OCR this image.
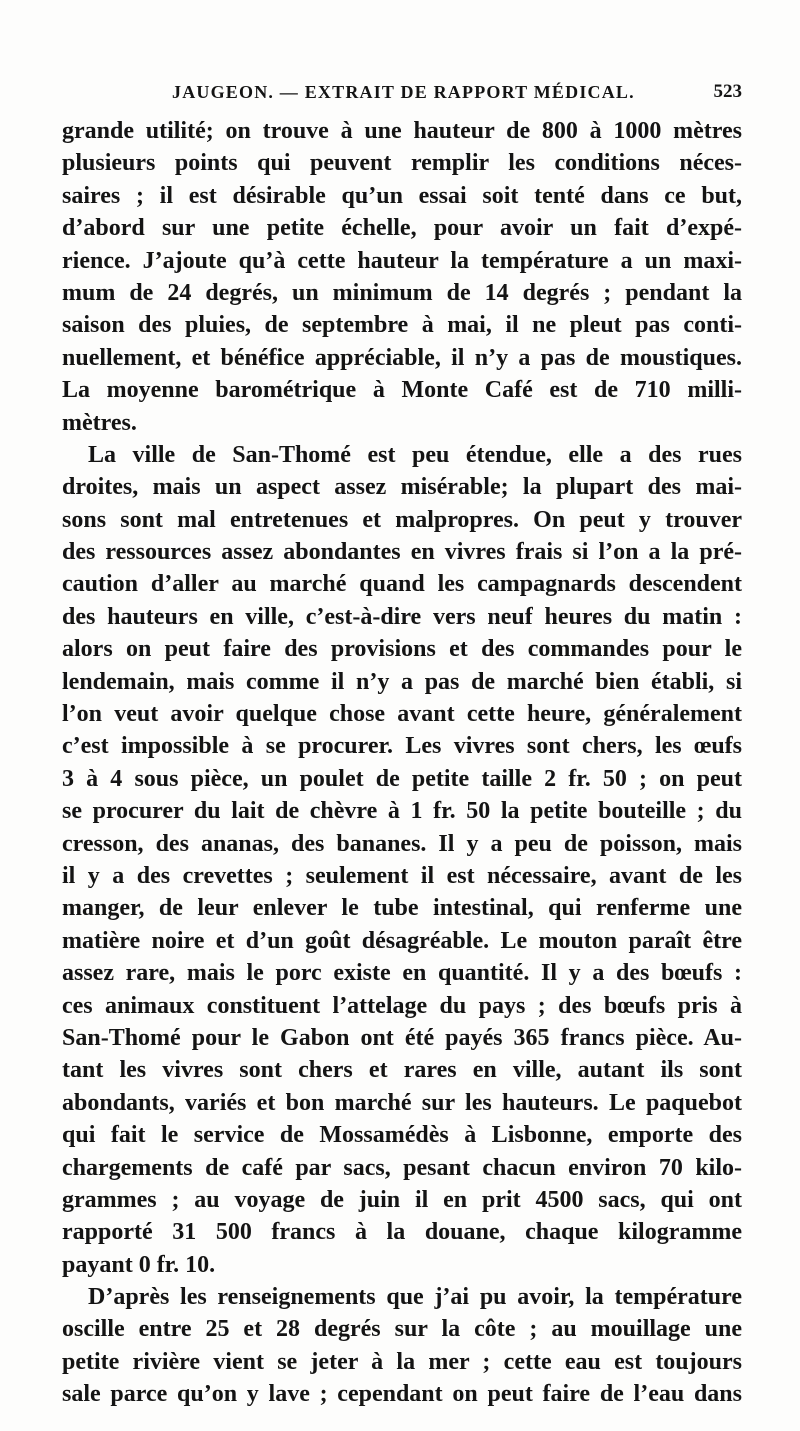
JAUGEON. — EXTRAIT DE RAPPORT MÉDICAL.	523
grande utilité; on trouve à une hauteur de 800 à 1000 mètres
plusieurs points qui peuvent remplir les conditions néces-
saires ; il est désirable qu’un essai soit tenté dans ce but,
d’abord sur une petite échelle, pour avoir un fait d’expé-
rience. J’ajoute qu’à cette hauteur la température a un maxi-
mum de 24 degrés, un minimum de 14 degrés ; pendant la
saison des pluies, de septembre à mai, il ne pleut pas conti-
nuellement, et bénéfice appréciable, il n’y a pas de moustiques.
La moyenne barométrique à Monte Café est de 710 milli-
mètres.
La ville de San-Thomé est peu étendue, elle a des rues
droites, mais un aspect assez misérable; la plupart des mai-
sons sont mal entretenues et malpropres. On peut y trouver
des ressources assez abondantes en vivres frais si l’on a la pré-
caution d’aller au marché quand les campagnards descendent
des hauteurs en ville, c’est-à-dire vers neuf heures du matin :
alors on peut faire des provisions et des commandes pour le
lendemain, mais comme il n’y a pas de marché bien établi, si
l’on veut avoir quelque chose avant cette heure, généralement
c’est impossible à se procurer. Les vivres sont chers, les œufs
3 à 4 sous pièce, un poulet de petite taille 2 fr. 50 ; on peut
se procurer du lait de chèvre à 1 fr. 50 la petite bouteille ; du
cresson, des ananas, des bananes. Il y a peu de poisson, mais
il y a des crevettes ; seulement il est nécessaire, avant de les
manger, de leur enlever le tube intestinal, qui renferme une
matière noire et d’un goût désagréable. Le mouton paraît être
assez rare, mais le porc existe en quantité. Il y a des bœufs :
ces animaux constituent l’attelage du pays ; des bœufs pris à
San-Thomé pour le Gabon ont été payés 365 francs pièce. Au-
tant les vivres sont chers et rares en ville, autant ils sont
abondants, variés et bon marché sur les hauteurs. Le paquebot
qui fait le service de Mossamédès à Lisbonne, emporte des
chargements de café par sacs, pesant chacun environ 70 kilo-
grammes ; au voyage de juin il en prit 4500 sacs, qui ont
rapporté 31 500 francs à la douane, chaque kilogramme
payant 0 fr. 10.
D’après les renseignements que j’ai pu avoir, la température
oscille entre 25 et 28 degrés sur la côte ; au mouillage une
petite rivière vient se jeter à la mer ; cette eau est toujours
sale parce qu’on y lave ; cependant on peut faire de l’eau dans
